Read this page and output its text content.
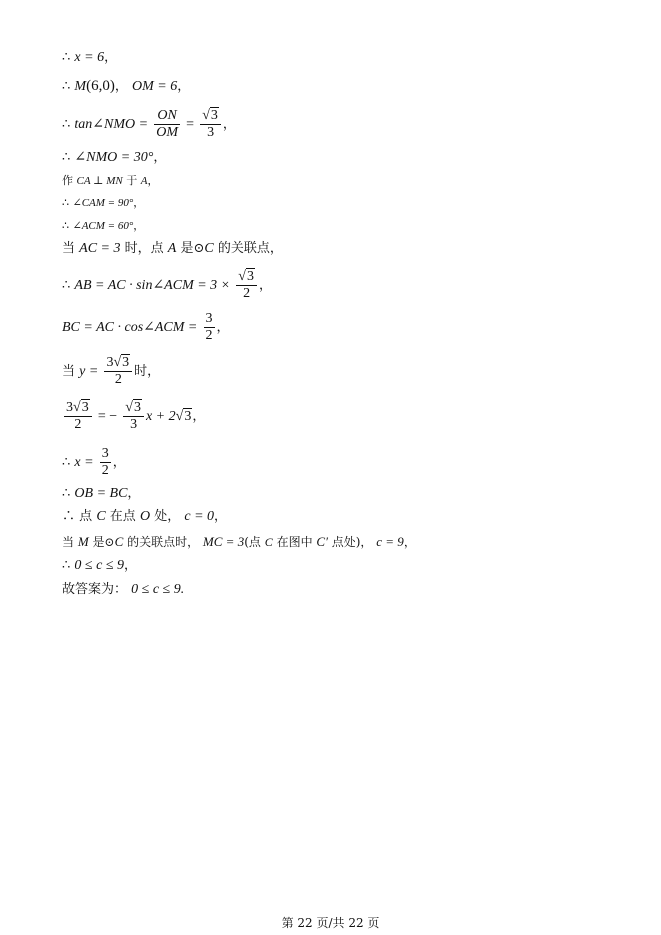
∴ x = 6，
∴ M(6,0)， OM = 6，
∴ tan∠NMO = $\frac{ON}{OM} = \frac{√3}{3}$ ，
∴ ∠NMO = 30°，
作 CA ⊥ MN 于 A，
∴ ∠CAM = 90°，
∴ ∠ACM = 60°，
当 AC = 3 时，点 A 是⊙C 的关联点，
∴ AB = AC · sin∠ACM = $3 \times \frac{√3}{2}$ ，
BC = AC · cos∠ACM = $\frac{3}{2}$ ，
当 $y = \frac{3√3}{2}$ 时，
$\frac{3√3}{2}$ = − $\frac{√3}{3}$ x + 2√3，
∴ $x = \frac{3}{2}$ ，
∴ OB = BC，
∴ 点 C 在点 O 处， c = 0，
当 M 是⊙C 的关联点时， MC = 3(点 C 在图中 C′ 点处)， c = 9，
∴ 0 ≤ c ≤ 9，
故答案为： 0 ≤ c ≤ 9.
第 22 页/共 22 页
